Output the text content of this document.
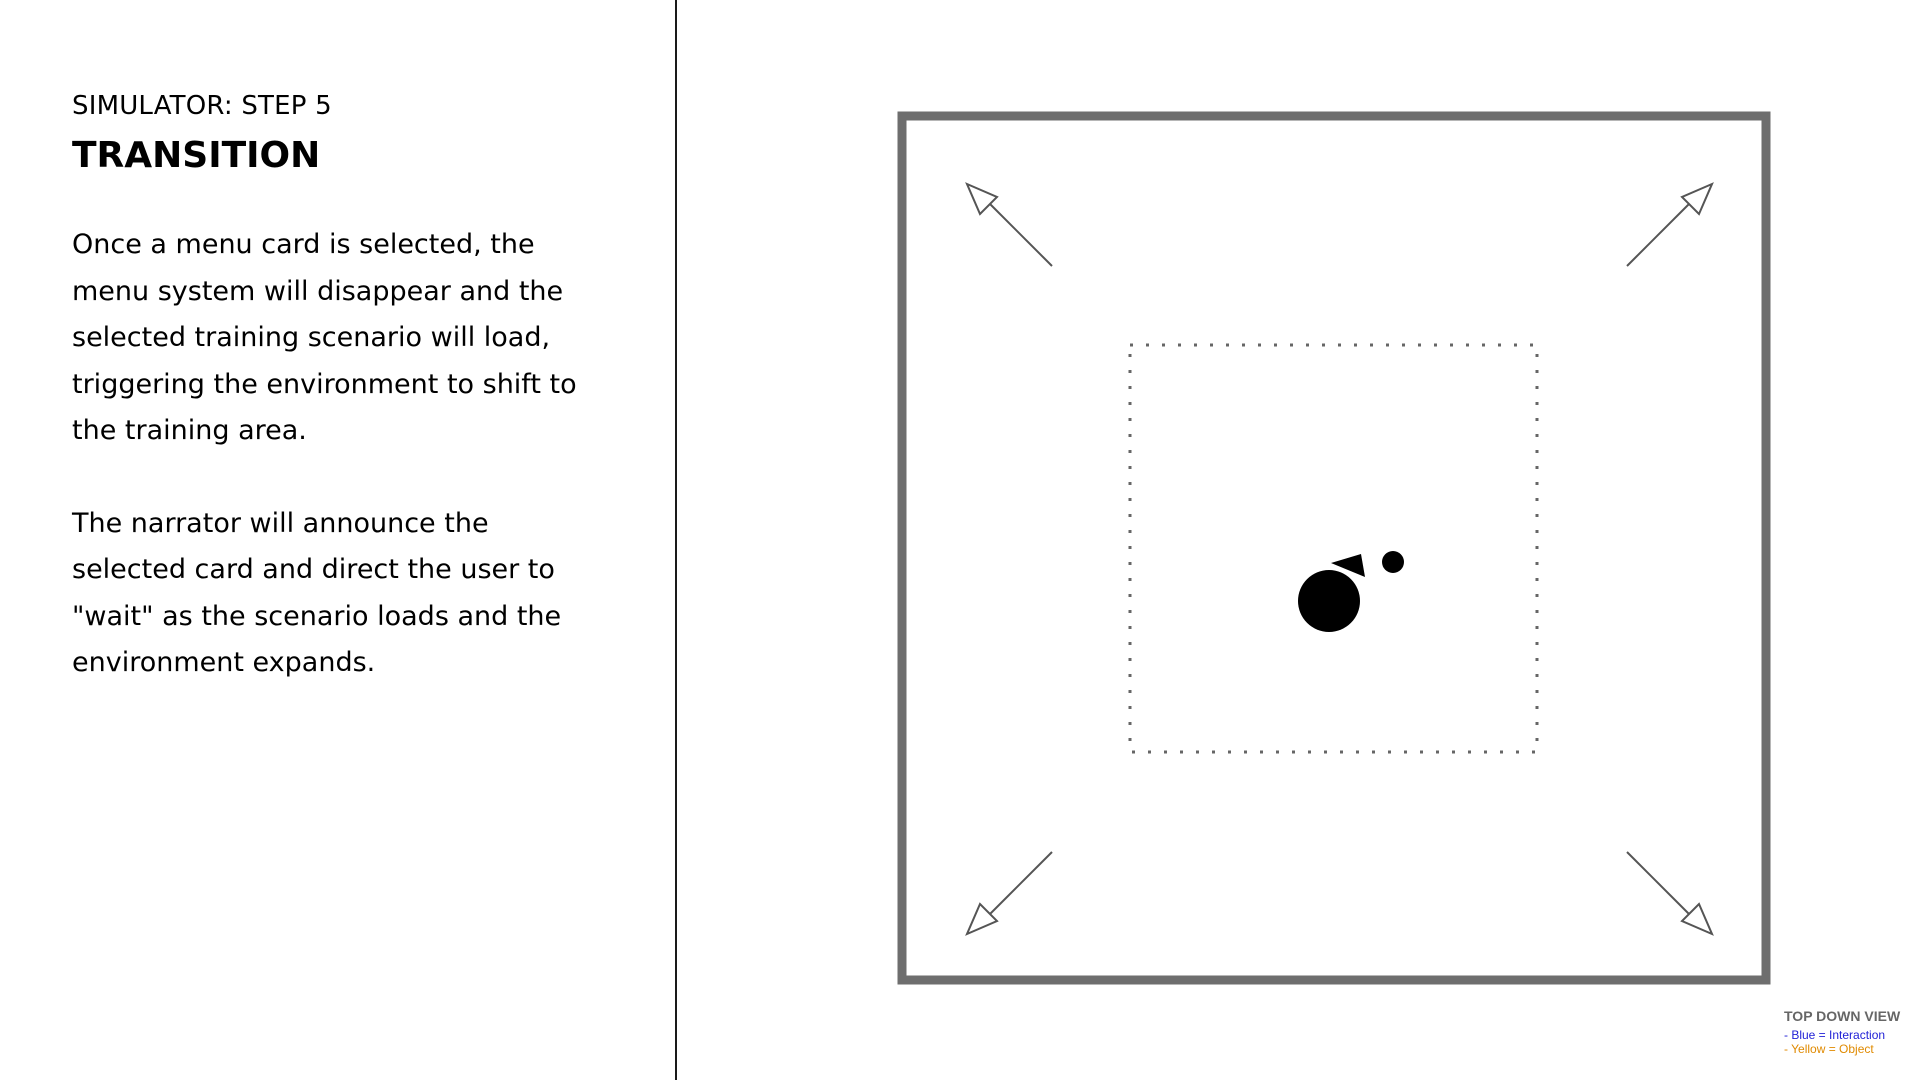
SIMULATOR: STEP 5

TRANSITION

Once a menu card is selected, the menu system will disappear and the selected training scenario will load, triggering the environment to shift to the training area.

The narrator will announce the selected card and direct the user to "wait" as the scenario loads and the environment expands.

TOP DOWN VIEW

- Blue = Interaction

- Yellow = Object
